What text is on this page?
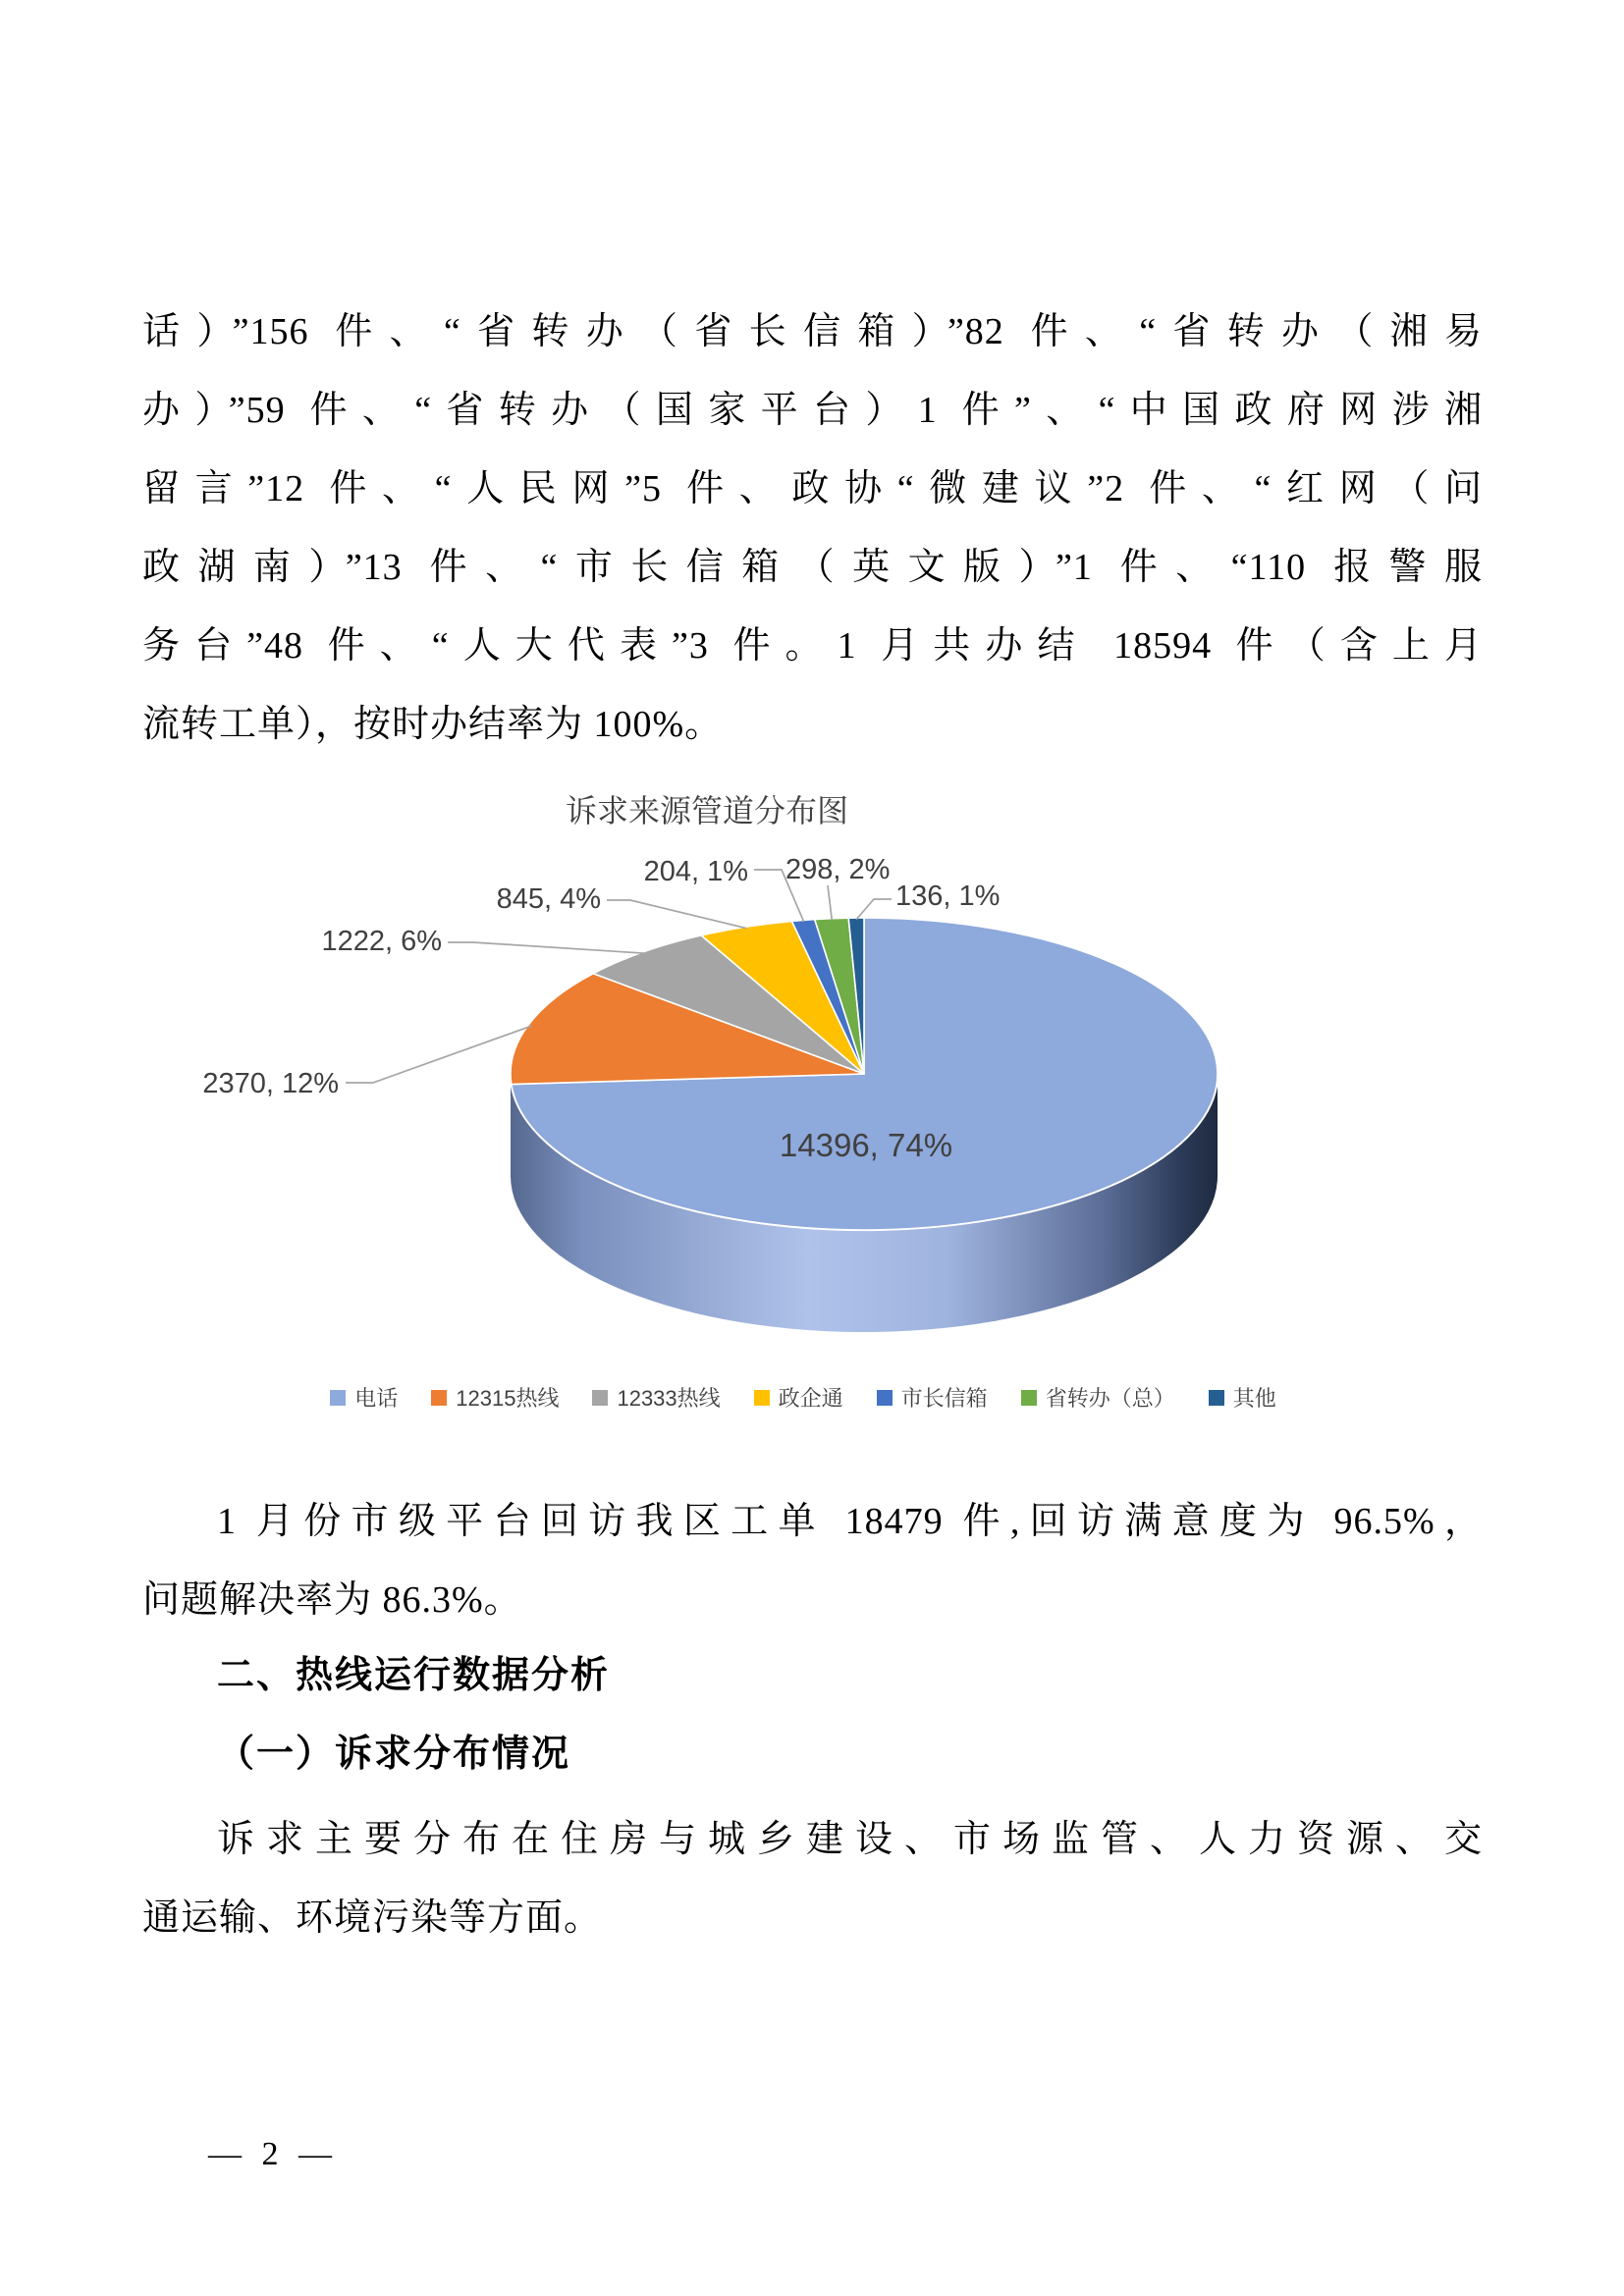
话）”156 件、“省转办（省长信箱）”82 件、“省转办（湘易
办）”59 件、“省转办（国家平台）1 件”、“中国政府网涉湘
留言”12 件、“人民网”5 件、政协“微建议”2 件、“红网（问
政湖南）”13 件、“市长信箱（英文版）”1 件、“110 报警服
务台”48 件、“人大代表”3 件。1 月共办结 18594 件（含上月
流转工单），按时办结率为 100%。
诉求来源管道分布图
14396, 74%
2370, 12%
1222, 6%
845, 4%
204, 1% 298, 2%
136, 1%
电话	12315热线	12333热线	政企通	市长信箱	省转办（总）	其他
1 月份市级平台回访我区工单 18479 件,回访满意度为 96.5%，
问题解决率为 86.3%。
二、热线运行数据分析
（一）诉求分布情况
诉求主要分布在住房与城乡建设、市场监管、人力资源、交
通运输、环境污染等方面。
— 2 —
